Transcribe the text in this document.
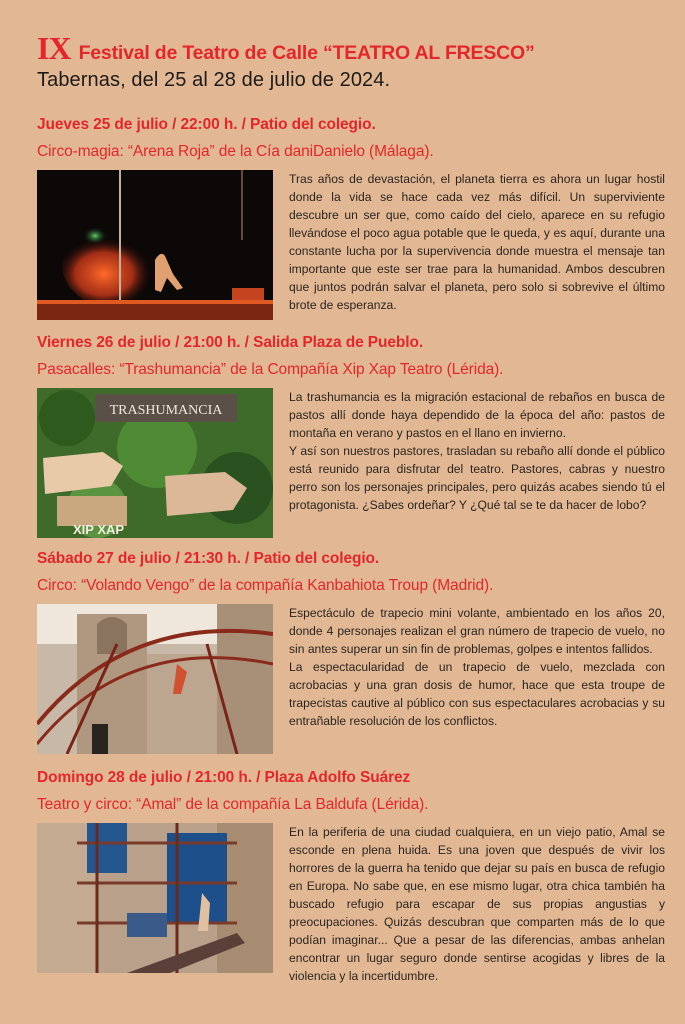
IX Festival de Teatro de Calle “TEATRO AL FRESCO”
Tabernas, del 25 al 28 de julio de 2024.
Jueves 25 de julio / 22:00 h. / Patio del colegio.
Circo-magia: “Arena Roja” de la Cía daniDanielo (Málaga).

Tras años de devastación, el planeta tierra es ahora un lugar hostil donde la vida se hace cada vez más difícil. Un superviviente descubre un ser que, como caído del cielo, aparece en su refugio llevándose el poco agua potable que le queda, y es aquí, durante una constante lucha por la supervivencia donde muestra el mensaje tan importante que este ser trae para la humanidad. Ambos descubren que juntos podrán salvar el planeta, pero solo si sobrevive el último brote de esperanza.

Viernes 26 de julio / 21:00 h. / Salida Plaza de Pueblo.
Pasacalles: “Trashumancia” de la Compañía Xip Xap Teatro (Lérida).
TRASHUMANCIA
XIP XAP

La trashumancia es la migración estacional de rebaños en busca de pastos allí donde haya dependido de la época del año: pastos de montaña en verano y pastos en el llano en invierno.

Y así son nuestros pastores, trasladan su rebaño allí donde el público está reunido para disfrutar del teatro. Pastores, cabras y nuestro perro son los personajes principales, pero quizás acabes siendo tú el protagonista. ¿Sabes ordeñar? Y ¿Qué tal se te da hacer de lobo?

Sábado 27 de julio / 21:30 h. / Patio del colegio.
Circo: “Volando Vengo” de la compañía Kanbahiota Troup (Madrid).

Espectáculo de trapecio mini volante, ambientado en los años 20, donde 4 personajes realizan el gran número de trapecio de vuelo, no sin antes superar un sin fin de problemas, golpes e intentos fallidos.

La espectacularidad de un trapecio de vuelo, mezclada con acrobacias y una gran dosis de humor, hace que esta troupe de trapecistas cautive al público con sus espectaculares acrobacias y su entrañable resolución de los conflictos.

Domingo 28 de julio / 21:00 h. / Plaza Adolfo Suárez
Teatro y circo: “Amal” de la compañía La Baldufa (Lérida).

En la periferia de una ciudad cualquiera, en un viejo patio, Amal se esconde en plena huida. Es una joven que después de vivir los horrores de la guerra ha tenido que dejar su país en busca de refugio en Europa. No sabe que, en ese mismo lugar, otra chica también ha buscado refugio para escapar de sus propias angustias y preocupaciones. Quizás descubran que comparten más de lo que podían imaginar... Que a pesar de las diferencias, ambas anhelan encontrar un lugar seguro donde sentirse acogidas y libres de la violencia y la incertidumbre.
